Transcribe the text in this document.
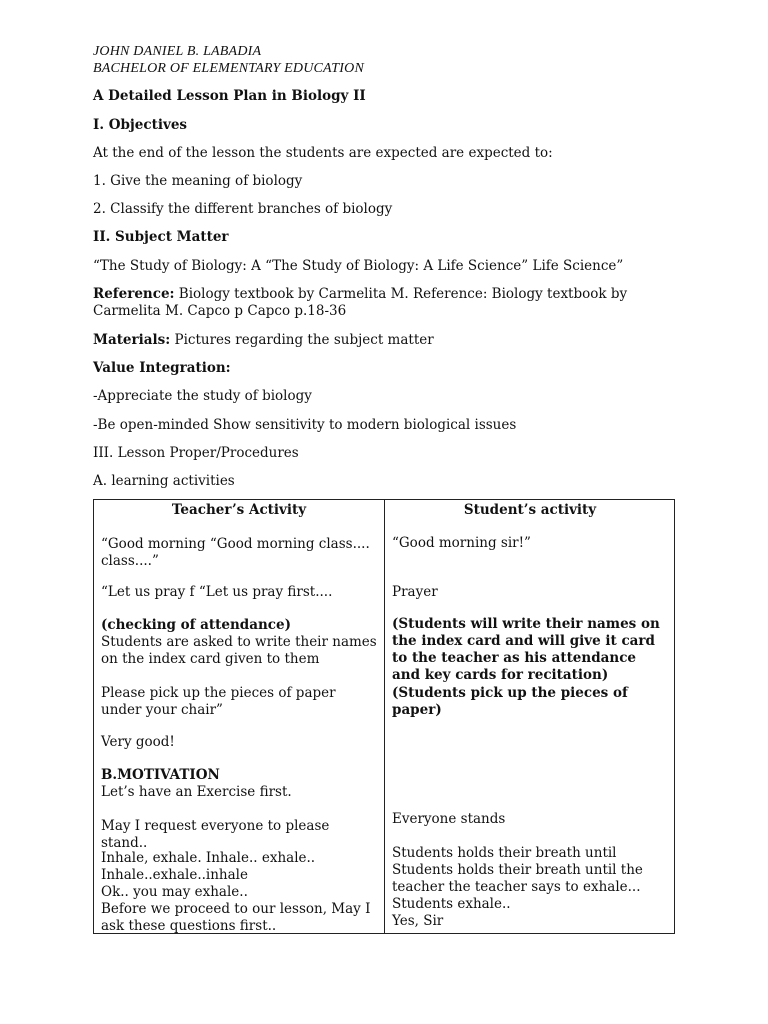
JOHN DANIEL B. LABADIA
BACHELOR OF ELEMENTARY EDUCATION
A Detailed Lesson Plan in Biology II
I. Objectives
At the end of the lesson the students are expected are expected to:
1. Give the meaning of biology
2. Classify the different branches of biology
II. Subject Matter
“The Study of Biology: A “The Study of Biology: A Life Science” Life Science”
Reference: Biology textbook by Carmelita M. Reference: Biology textbook by Carmelita M. Capco p Capco p.18-36
Materials: Pictures regarding the subject matter
Value Integration:
-Appreciate the study of biology
-Be open-minded Show sensitivity to modern biological issues
III. Lesson Proper/Procedures
A. learning activities
Teacher’s Activity
“Good morning “Good morning class.... class....”
“Let us pray f “Let us pray first....
(checking of attendance)
Students are asked to write their names on the index card given to them
Please pick up the pieces of paper under your chair”
Very good!
B.MOTIVATION
Let’s have an Exercise first.
May I request everyone to please stand..
Inhale, exhale. Inhale.. exhale.. Inhale..exhale..inhale
Ok.. you may exhale..
Before we proceed to our lesson, May I ask these questions first..
Student’s activity
“Good morning sir!”
Prayer
(Students will write their names on the index card and will give it card to the teacher as his attendance and key cards for recitation)
(Students pick up the pieces of paper)
Everyone stands
Students holds their breath until Students holds their breath until the teacher the teacher says to exhale...
Students exhale..
Yes, Sir
